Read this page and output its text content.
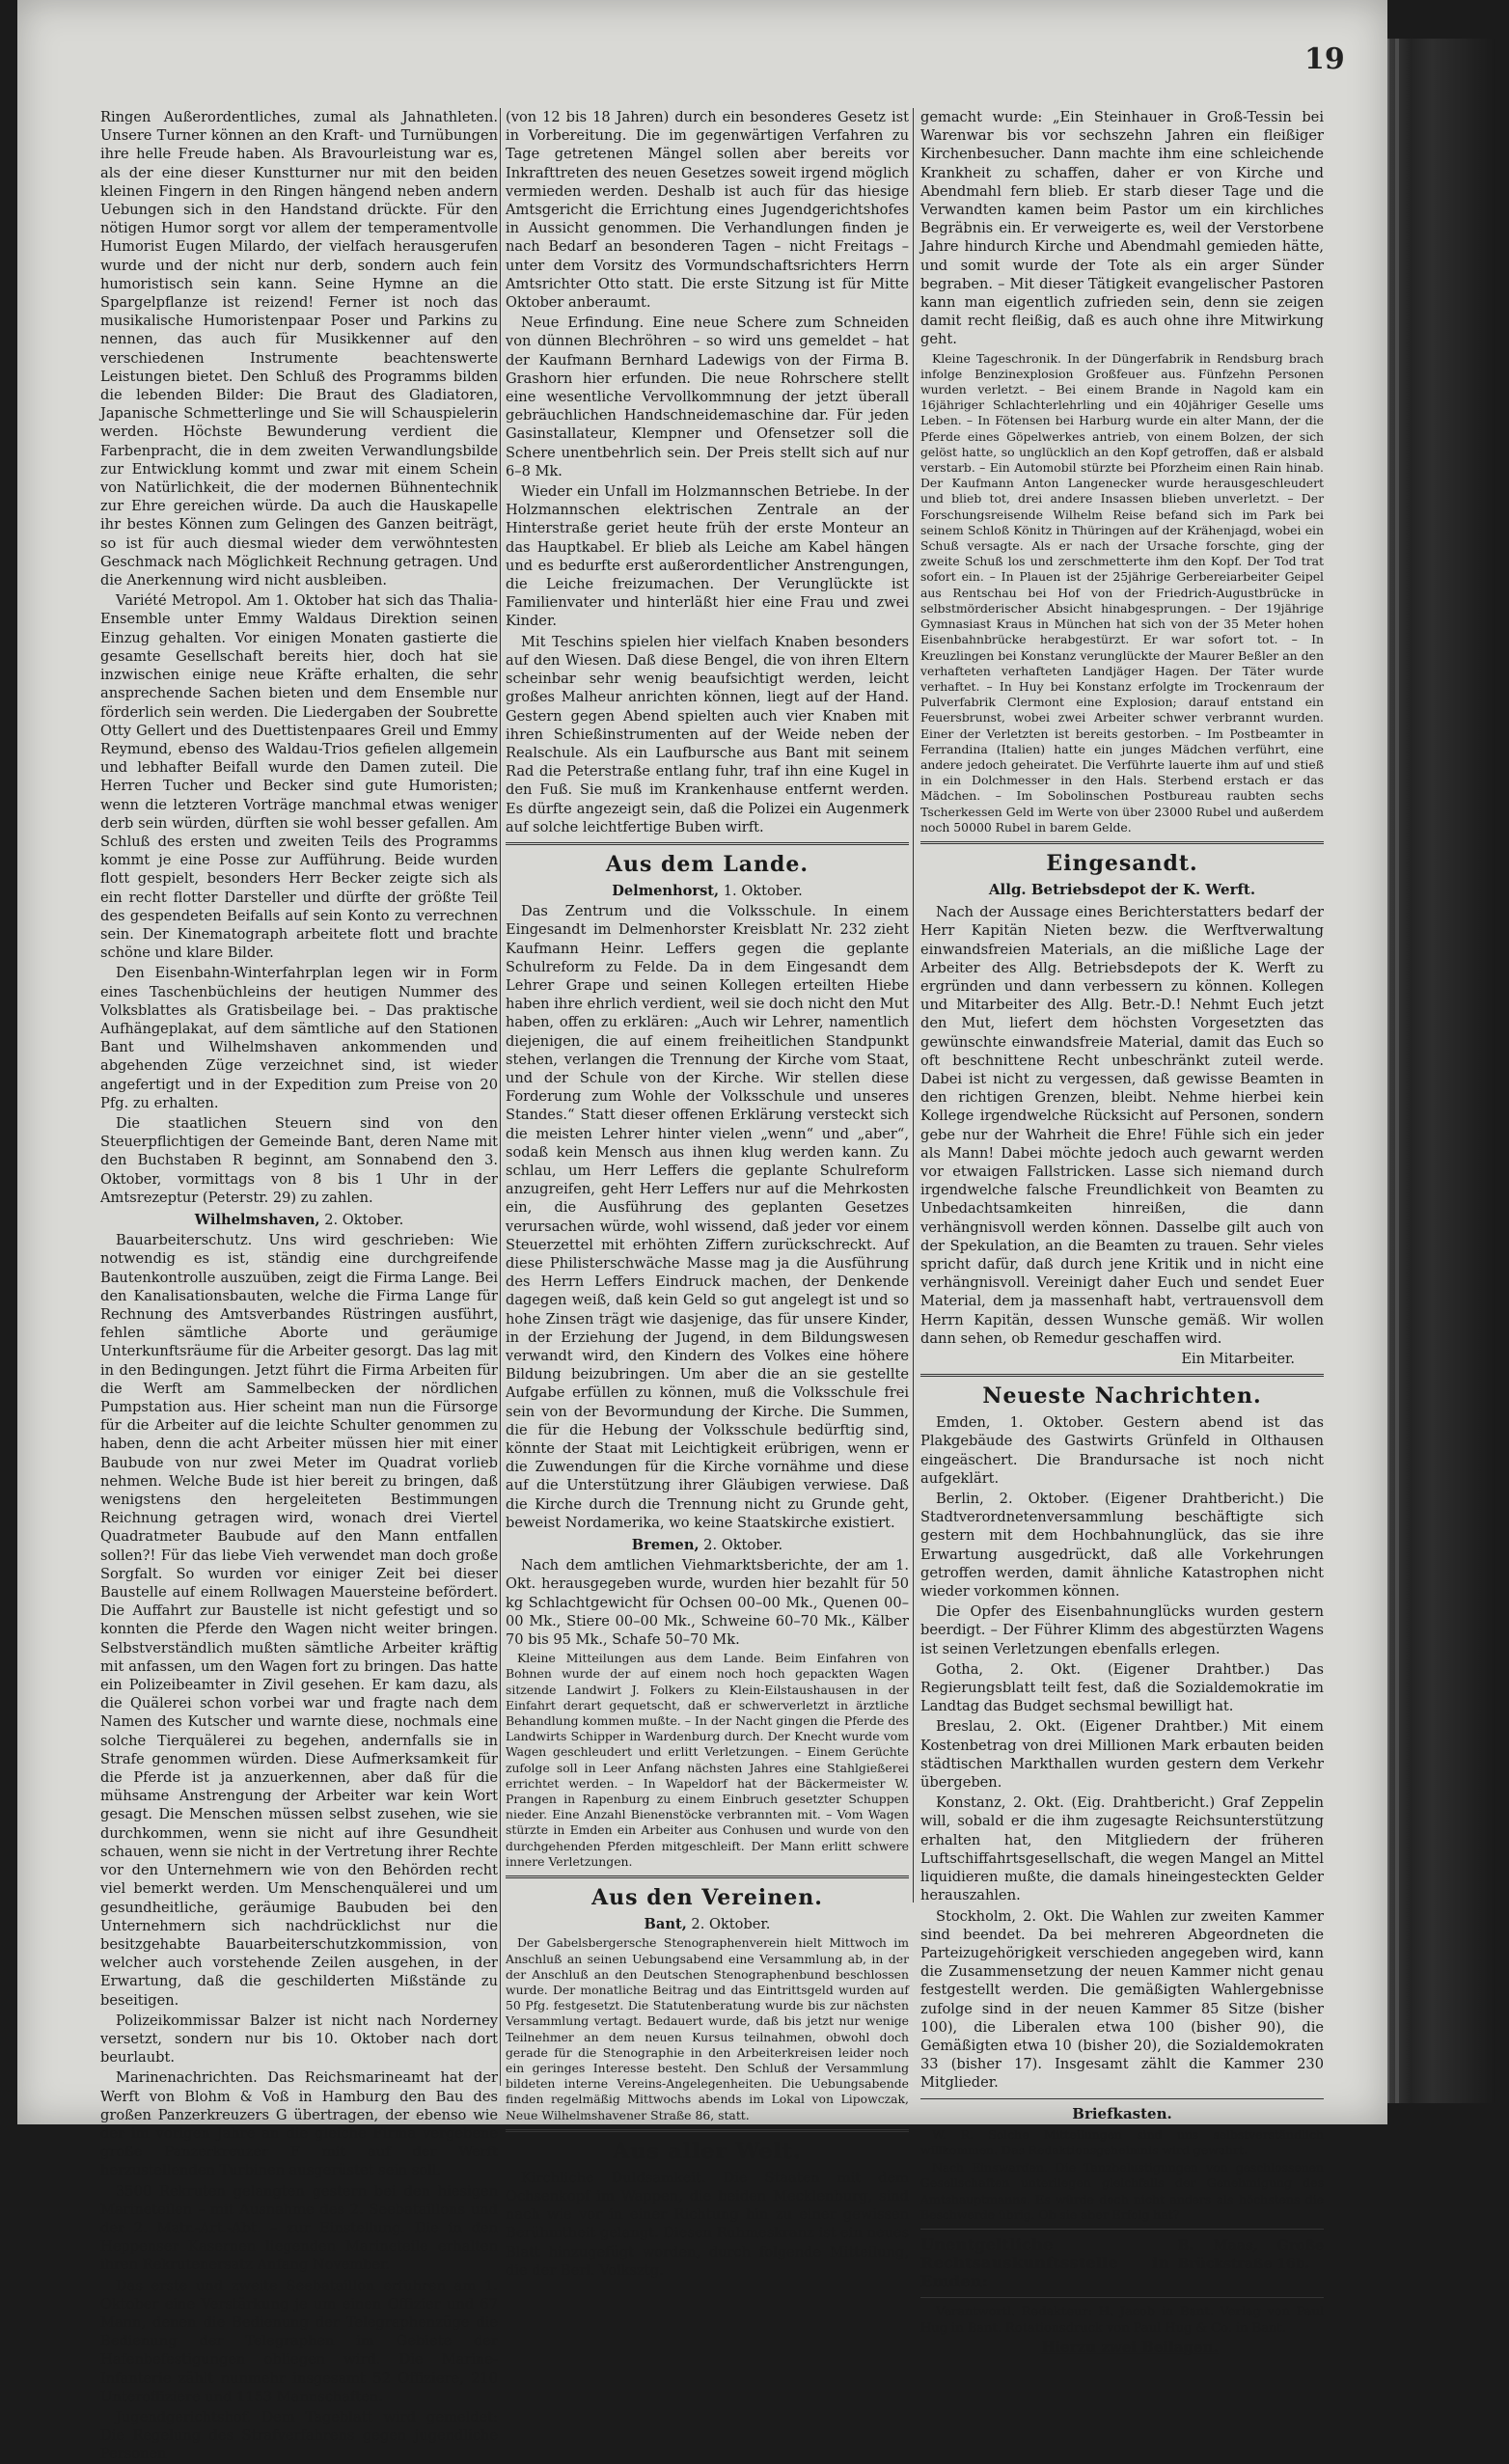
19

Ringen Außerordentliches, zumal als Jahnathleten. Unsere Turner können an den Kraft- und Turnübungen ihre helle Freude haben. Als Bravourleistung war es, als der eine dieser Kunstturner nur mit den beiden kleinen Fingern in den Ringen hängend neben andern Uebungen sich in den Handstand drückte. Für den nötigen Humor sorgt vor allem der temperamentvolle Humorist Eugen Milardo, der vielfach herausgerufen wurde und der nicht nur derb, sondern auch fein humoristisch sein kann. Seine Hymne an die Spargelpflanze ist reizend! Ferner ist noch das musikalische Humoristenpaar Poser und Parkins zu nennen, das auch für Musikkenner auf den verschiedenen Instrumente beachtenswerte Leistungen bietet. Den Schluß des Programms bilden die lebenden Bilder: Die Braut des Gladiatoren, Japanische Schmetterlinge und Sie will Schauspielerin werden. Höchste Bewunderung verdient die Farbenpracht, die in dem zweiten Verwandlungsbilde zur Entwicklung kommt und zwar mit einem Schein von Natürlichkeit, die der modernen Bühnentechnik zur Ehre gereichen würde. Da auch die Hauskapelle ihr bestes Können zum Gelingen des Ganzen beiträgt, so ist für auch diesmal wieder dem verwöhntesten Geschmack nach Möglichkeit Rechnung getragen. Und die Anerkennung wird nicht ausbleiben.

Variété Metropol. Am 1. Oktober hat sich das Thalia-Ensemble unter Emmy Waldaus Direktion seinen Einzug gehalten. Vor einigen Monaten gastierte die gesamte Gesellschaft bereits hier, doch hat sie inzwischen einige neue Kräfte erhalten, die sehr ansprechende Sachen bieten und dem Ensemble nur förderlich sein werden. Die Liedergaben der Soubrette Otty Gellert und des Duettistenpaares Greil und Emmy Reymund, ebenso des Waldau-Trios gefielen allgemein und lebhafter Beifall wurde den Damen zuteil. Die Herren Tucher und Becker sind gute Humoristen; wenn die letzteren Vorträge manchmal etwas weniger derb sein würden, dürften sie wohl besser gefallen. Am Schluß des ersten und zweiten Teils des Programms kommt je eine Posse zur Aufführung. Beide wurden flott gespielt, besonders Herr Becker zeigte sich als ein recht flotter Darsteller und dürfte der größte Teil des gespendeten Beifalls auf sein Konto zu verrechnen sein. Der Kinematograph arbeitete flott und brachte schöne und klare Bilder.

Den Eisenbahn-Winterfahrplan legen wir in Form eines Taschenbüchleins der heutigen Nummer des Volksblattes als Gratisbeilage bei. – Das praktische Aufhängeplakat, auf dem sämtliche auf den Stationen Bant und Wilhelmshaven ankommenden und abgehenden Züge verzeichnet sind, ist wieder angefertigt und in der Expedition zum Preise von 20 Pfg. zu erhalten.

Die staatlichen Steuern sind von den Steuerpflichtigen der Gemeinde Bant, deren Name mit den Buchstaben R beginnt, am Sonnabend den 3. Oktober, vormittags von 8 bis 1 Uhr in der Amtsrezeptur (Peterstr. 29) zu zahlen.

Wilhelmshaven, 2. Oktober.

Bauarbeiterschutz. Uns wird geschrieben: Wie notwendig es ist, ständig eine durchgreifende Bautenkontrolle auszuüben, zeigt die Firma Lange. Bei den Kanalisationsbauten, welche die Firma Lange für Rechnung des Amtsverbandes Rüstringen ausführt, fehlen sämtliche Aborte und geräumige Unterkunftsräume für die Arbeiter gesorgt. Das lag mit in den Bedingungen. Jetzt führt die Firma Arbeiten für die Werft am Sammelbecken der nördlichen Pumpstation aus. Hier scheint man nun die Fürsorge für die Arbeiter auf die leichte Schulter genommen zu haben, denn die acht Arbeiter müssen hier mit einer Baubude von nur zwei Meter im Quadrat vorlieb nehmen. Welche Bude ist hier bereit zu bringen, daß wenigstens den hergeleiteten Bestimmungen Reichnung getragen wird, wonach drei Viertel Quadratmeter Baubude auf den Mann entfallen sollen?! Für das liebe Vieh verwendet man doch große Sorgfalt. So wurden vor einiger Zeit bei dieser Baustelle auf einem Rollwagen Mauersteine befördert. Die Auffahrt zur Baustelle ist nicht gefestigt und so konnten die Pferde den Wagen nicht weiter bringen. Selbstverständlich mußten sämtliche Arbeiter kräftig mit anfassen, um den Wagen fort zu bringen. Das hatte ein Polizeibeamter in Zivil gesehen. Er kam dazu, als die Quälerei schon vorbei war und fragte nach dem Namen des Kutscher und warnte diese, nochmals eine solche Tierquälerei zu begehen, andernfalls sie in Strafe genommen würden. Diese Aufmerksamkeit für die Pferde ist ja anzuerkennen, aber daß für die mühsame Anstrengung der Arbeiter war kein Wort gesagt. Die Menschen müssen selbst zusehen, wie sie durchkommen, wenn sie nicht auf ihre Gesundheit schauen, wenn sie nicht in der Vertretung ihrer Rechte vor den Unternehmern wie von den Behörden recht viel bemerkt werden. Um Menschenquälerei und um gesundheitliche, geräumige Baubuden bei den Unternehmern sich nachdrücklichst nur die besitzgehabte Bauarbeiterschutzkommission, von welcher auch vorstehende Zeilen ausgehen, in der Erwartung, daß die geschilderten Mißstände zu beseitigen.

Polizeikommissar Balzer ist nicht nach Norderney versetzt, sondern nur bis 10. Oktober nach dort beurlaubt.

Marinenachrichten. Das Reichsmarineamt hat der Werft von Blohm & Voß in Hamburg den Bau des großen Panzerkreuzers G übertragen, der ebenso wie der im vorigen Jahre an die gleiche Firma vergebene große Panzerkreuzer F mit auf der Werft herzustellenden Turbinen ausgerüstet sein soll.

3500 Rekruten gelangten gestern bei den hiesigen Marineteilen – mit Ausnahme des 2. Seebataillons und der 2. Matr.-Art.-Abt. – zur Einstellung. Die in den Heppenser Kasernen liegenden Marineteile erhalten ihren Rekrutenersatz Anfang November.

Das erste und zweite Seebataillon erfuhren am 1. Oktober eine Verstärkung je um einen Offizier und 67 Mann, denen die Bedienung der Telegraphenzüge die Bedienung der Telegraphen im Gebiete der Hafenbefestigungen obliegen wird. Die Marine-Infanterie zählt nunmehr insgesamt 52 Offiziere, 210 Unteroffiziere und 1153 Mannschaften.

Jugendgerichtshof. Dem Tageblatt wird gemeldet: Die Regelung des Strafverfahrens gegen jugendliche Personen

(von 12 bis 18 Jahren) durch ein besonderes Gesetz ist in Vorbereitung. Die im gegenwärtigen Verfahren zu Tage getretenen Mängel sollen aber bereits vor Inkrafttreten des neuen Gesetzes soweit irgend möglich vermieden werden. Deshalb ist auch für das hiesige Amtsgericht die Errichtung eines Jugendgerichtshofes in Aussicht genommen. Die Verhandlungen finden je nach Bedarf an besonderen Tagen – nicht Freitags – unter dem Vorsitz des Vormundschaftsrichters Herrn Amtsrichter Otto statt. Die erste Sitzung ist für Mitte Oktober anberaumt.

Neue Erfindung. Eine neue Schere zum Schneiden von dünnen Blechröhren – so wird uns gemeldet – hat der Kaufmann Bernhard Ladewigs von der Firma B. Grashorn hier erfunden. Die neue Rohrschere stellt eine wesentliche Vervollkommnung der jetzt überall gebräuchlichen Handschneidemaschine dar. Für jeden Gasinstallateur, Klempner und Ofensetzer soll die Schere unentbehrlich sein. Der Preis stellt sich auf nur 6–8 Mk.

Wieder ein Unfall im Holzmannschen Betriebe. In der Holzmannschen elektrischen Zentrale an der Hinterstraße geriet heute früh der erste Monteur an das Hauptkabel. Er blieb als Leiche am Kabel hängen und es bedurfte erst außerordentlicher Anstrengungen, die Leiche freizumachen. Der Verunglückte ist Familienvater und hinterläßt hier eine Frau und zwei Kinder.

Mit Teschins spielen hier vielfach Knaben besonders auf den Wiesen. Daß diese Bengel, die von ihren Eltern scheinbar sehr wenig beaufsichtigt werden, leicht großes Malheur anrichten können, liegt auf der Hand. Gestern gegen Abend spielten auch vier Knaben mit ihren Schießinstrumenten auf der Weide neben der Realschule. Als ein Laufbursche aus Bant mit seinem Rad die Peterstraße entlang fuhr, traf ihn eine Kugel in den Fuß. Sie muß im Krankenhause entfernt werden. Es dürfte angezeigt sein, daß die Polizei ein Augenmerk auf solche leichtfertige Buben wirft.

Aus dem Lande.
Delmenhorst, 1. Oktober.

Das Zentrum und die Volksschule. In einem Eingesandt im Delmenhorster Kreisblatt Nr. 232 zieht Kaufmann Heinr. Leffers gegen die geplante Schulreform zu Felde. Da in dem Eingesandt dem Lehrer Grape und seinen Kollegen erteilten Hiebe haben ihre ehrlich verdient, weil sie doch nicht den Mut haben, offen zu erklären: „Auch wir Lehrer, namentlich diejenigen, die auf einem freiheitlichen Standpunkt stehen, verlangen die Trennung der Kirche vom Staat, und der Schule von der Kirche. Wir stellen diese Forderung zum Wohle der Volksschule und unseres Standes.“ Statt dieser offenen Erklärung versteckt sich die meisten Lehrer hinter vielen „wenn“ und „aber“, sodaß kein Mensch aus ihnen klug werden kann. Zu schlau, um Herr Leffers die geplante Schulreform anzugreifen, geht Herr Leffers nur auf die Mehrkosten ein, die Ausführung des geplanten Gesetzes verursachen würde, wohl wissend, daß jeder vor einem Steuerzettel mit erhöhten Ziffern zurückschreckt. Auf diese Philisterschwäche Masse mag ja die Ausführung des Herrn Leffers Eindruck machen, der Denkende dagegen weiß, daß kein Geld so gut angelegt ist und so hohe Zinsen trägt wie dasjenige, das für unsere Kinder, in der Erziehung der Jugend, in dem Bildungswesen verwandt wird, den Kindern des Volkes eine höhere Bildung beizubringen. Um aber die an sie gestellte Aufgabe erfüllen zu können, muß die Volksschule frei sein von der Bevormundung der Kirche. Die Summen, die für die Hebung der Volksschule bedürftig sind, könnte der Staat mit Leichtigkeit erübrigen, wenn er die Zuwendungen für die Kirche vornähme und diese auf die Unterstützung ihrer Gläubigen verwiese. Daß die Kirche durch die Trennung nicht zu Grunde geht, beweist Nordamerika, wo keine Staatskirche existiert.

Bremen, 2. Oktober.

Nach dem amtlichen Viehmarktsberichte, der am 1. Okt. herausgegeben wurde, wurden hier bezahlt für 50 kg Schlachtgewicht für Ochsen 00–00 Mk., Quenen 00–00 Mk., Stiere 00–00 Mk., Schweine 60–70 Mk., Kälber 70 bis 95 Mk., Schafe 50–70 Mk.

Kleine Mitteilungen aus dem Lande. Beim Einfahren von Bohnen wurde der auf einem noch hoch gepackten Wagen sitzende Landwirt J. Folkers zu Klein-Eilstaushausen in der Einfahrt derart gequetscht, daß er schwerverletzt in ärztliche Behandlung kommen mußte. – In der Nacht gingen die Pferde des Landwirts Schipper in Wardenburg durch. Der Knecht wurde vom Wagen geschleudert und erlitt Verletzungen. – Einem Gerüchte zufolge soll in Leer Anfang nächsten Jahres eine Stahlgießerei errichtet werden. – In Wapeldorf hat der Bäckermeister W. Prangen in Rapenburg zu einem Einbruch gesetzter Schuppen nieder. Eine Anzahl Bienenstöcke verbrannten mit. – Vom Wagen stürzte in Emden ein Arbeiter aus Conhusen und wurde von den durchgehenden Pferden mitgeschleift. Der Mann erlitt schwere innere Verletzungen.

Aus den Vereinen.
Bant, 2. Oktober.

Der Gabelsbergersche Stenographenverein hielt Mittwoch im Anschluß an seinen Uebungsabend eine Versammlung ab, in der der Anschluß an den Deutschen Stenographenbund beschlossen wurde. Der monatliche Beitrag und das Eintrittsgeld wurden auf 50 Pfg. festgesetzt. Die Statutenberatung wurde bis zur nächsten Versammlung vertagt. Bedauert wurde, daß bis jetzt nur wenige Teilnehmer an dem neuen Kursus teilnahmen, obwohl doch gerade für die Stenographie in den Arbeiterkreisen leider noch ein geringes Interesse besteht. Den Schluß der Versammlung bildeten interne Vereins-Angelegenheiten. Die Uebungsabende finden regelmäßig Mittwochs abends im Lokal von Lipowczak, Neue Wilhelmshavener Straße 86, statt.

Aus aller Welt.

Kirchliche Duldsamkeit. Die Staaten mit dem Ochsenkopf im Wappen, die beiden Mecklenburg, sind nach wie vor in einer Richtung hin zu einer gewissen Berühmtheit gelangt. Diesen Ruhmeskranz ist ein neues Blatt hinzugefügt worden, durch folgende Mitteilung, die der Berl. Volksztg.

gemacht wurde: „Ein Steinhauer in Groß-Tessin bei Warenwar bis vor sechszehn Jahren ein fleißiger Kirchenbesucher. Dann machte ihm eine schleichende Krankheit zu schaffen, daher er von Kirche und Abendmahl fern blieb. Er starb dieser Tage und die Verwandten kamen beim Pastor um ein kirchliches Begräbnis ein. Er verweigerte es, weil der Verstorbene Jahre hindurch Kirche und Abendmahl gemieden hätte, und somit wurde der Tote als ein arger Sünder begraben. – Mit dieser Tätigkeit evangelischer Pastoren kann man eigentlich zufrieden sein, denn sie zeigen damit recht fleißig, daß es auch ohne ihre Mitwirkung geht.

Kleine Tageschronik. In der Düngerfabrik in Rendsburg brach infolge Benzinexplosion Großfeuer aus. Fünfzehn Personen wurden verletzt. – Bei einem Brande in Nagold kam ein 16jähriger Schlachterlehrling und ein 40jähriger Geselle ums Leben. – In Fötensen bei Harburg wurde ein alter Mann, der die Pferde eines Göpelwerkes antrieb, von einem Bolzen, der sich gelöst hatte, so unglücklich an den Kopf getroffen, daß er alsbald verstarb. – Ein Automobil stürzte bei Pforzheim einen Rain hinab. Der Kaufmann Anton Langenecker wurde herausgeschleudert und blieb tot, drei andere Insassen blieben unverletzt. – Der Forschungsreisende Wilhelm Reise befand sich im Park bei seinem Schloß Könitz in Thüringen auf der Krähenjagd, wobei ein Schuß versagte. Als er nach der Ursache forschte, ging der zweite Schuß los und zerschmetterte ihm den Kopf. Der Tod trat sofort ein. – In Plauen ist der 25jährige Gerbereiarbeiter Geipel aus Rentschau bei Hof von der Friedrich-Augustbrücke in selbstmörderischer Absicht hinabgesprungen. – Der 19jährige Gymnasiast Kraus in München hat sich von der 35 Meter hohen Eisenbahnbrücke herabgestürzt. Er war sofort tot. – In Kreuzlingen bei Konstanz verunglückte der Maurer Beßler an den verhafteten verhafteten Landjäger Hagen. Der Täter wurde verhaftet. – In Huy bei Konstanz erfolgte im Trockenraum der Pulverfabrik Clermont eine Explosion; darauf entstand ein Feuersbrunst, wobei zwei Arbeiter schwer verbrannt wurden. Einer der Verletzten ist bereits gestorben. – Im Postbeamter in Ferrandina (Italien) hatte ein junges Mädchen verführt, eine andere jedoch geheiratet. Die Verführte lauerte ihm auf und stieß in ein Dolchmesser in den Hals. Sterbend erstach er das Mädchen. – Im Sobolinschen Postbureau raubten sechs Tscherkessen Geld im Werte von über 23000 Rubel und außerdem noch 50000 Rubel in barem Gelde.

Eingesandt.
Allg. Betriebsdepot der K. Werft.

Nach der Aussage eines Berichterstatters bedarf der Herr Kapitän Nieten bezw. die Werftverwaltung einwandsfreien Materials, an die mißliche Lage der Arbeiter des Allg. Betriebsdepots der K. Werft zu ergründen und dann verbessern zu können. Kollegen und Mitarbeiter des Allg. Betr.-D.! Nehmt Euch jetzt den Mut, liefert dem höchsten Vorgesetzten das gewünschte einwandsfreie Material, damit das Euch so oft beschnittene Recht unbeschränkt zuteil werde. Dabei ist nicht zu vergessen, daß gewisse Beamten in den richtigen Grenzen, bleibt. Nehme hierbei kein Kollege irgendwelche Rücksicht auf Personen, sondern gebe nur der Wahrheit die Ehre! Fühle sich ein jeder als Mann! Dabei möchte jedoch auch gewarnt werden vor etwaigen Fallstricken. Lasse sich niemand durch irgendwelche falsche Freundlichkeit von Beamten zu Unbedachtsamkeiten hinreißen, die dann verhängnisvoll werden können. Dasselbe gilt auch von der Spekulation, an die Beamten zu trauen. Sehr vieles spricht dafür, daß durch jene Kritik und in nicht eine verhängnisvoll. Vereinigt daher Euch und sendet Euer Material, dem ja massenhaft habt, vertrauensvoll dem Herrn Kapitän, dessen Wunsche gemäß. Wir wollen dann sehen, ob Remedur geschaffen wird.

Ein Mitarbeiter.

Neueste Nachrichten.

Emden, 1. Oktober. Gestern abend ist das Plakgebäude des Gastwirts Grünfeld in Olthausen eingeäschert. Die Brandursache ist noch nicht aufgeklärt.

Berlin, 2. Oktober. (Eigener Drahtbericht.) Die Stadtverordnetenversammlung beschäftigte sich gestern mit dem Hochbahnunglück, das sie ihre Erwartung ausgedrückt, daß alle Vorkehrungen getroffen werden, damit ähnliche Katastrophen nicht wieder vorkommen können.

Die Opfer des Eisenbahnunglücks wurden gestern beerdigt. – Der Führer Klimm des abgestürzten Wagens ist seinen Verletzungen ebenfalls erlegen.

Gotha, 2. Okt. (Eigener Drahtber.) Das Regierungsblatt teilt fest, daß die Sozialdemokratie im Landtag das Budget sechsmal bewilligt hat.

Breslau, 2. Okt. (Eigener Drahtber.) Mit einem Kostenbetrag von drei Millionen Mark erbauten beiden städtischen Markthallen wurden gestern dem Verkehr übergeben.

Konstanz, 2. Okt. (Eig. Drahtbericht.) Graf Zeppelin will, sobald er die ihm zugesagte Reichsunterstützung erhalten hat, den Mitgliedern der früheren Luftschiffahrtsgesellschaft, die wegen Mangel an Mittel liquidieren mußte, die damals hineingesteckten Gelder herauszahlen.

Stockholm, 2. Okt. Die Wahlen zur zweiten Kammer sind beendet. Da bei mehreren Abgeordneten die Parteizugehörigkeit verschieden angegeben wird, kann die Zusammensetzung der neuen Kammer nicht genau festgestellt werden. Die gemäßigten Wahlergebnisse zufolge sind in der neuen Kammer 85 Sitze (bisher 100), die Liberalen etwa 100 (bisher 90), die Gemäßigten etwa 10 (bisher 20), die Sozialdemokraten 33 (bisher 17). Insgesamt zählt die Kammer 230 Mitglieder.

Briefkasten.

W. R. Solche Mitteilungen sind uns selbstverständlich willkommen. Das Redaktionsgeheimnis wird gewahrt.

Nach Einswarden. Die Tanzbelustigungen von geschlossenen Gesellschaften unterliegen gleichfalls der Genehmigung des Amtshauptmanns. Es würde doch nicht anders als höchstens die Beschwerde übrig. Ob sie aber Erfolg hat?

Unentgeltliche Rechtsauskunftsstelle in Emden:
B. Maas, Große Brückstraße 16b.

Verantwortl. Redakteur: H. Jacob in Bant. Verlag von Paul Hug in Bant. Rotationsdruck von Paul Hug & Co. in Bant.

Hierzu zwei Beilagen.
